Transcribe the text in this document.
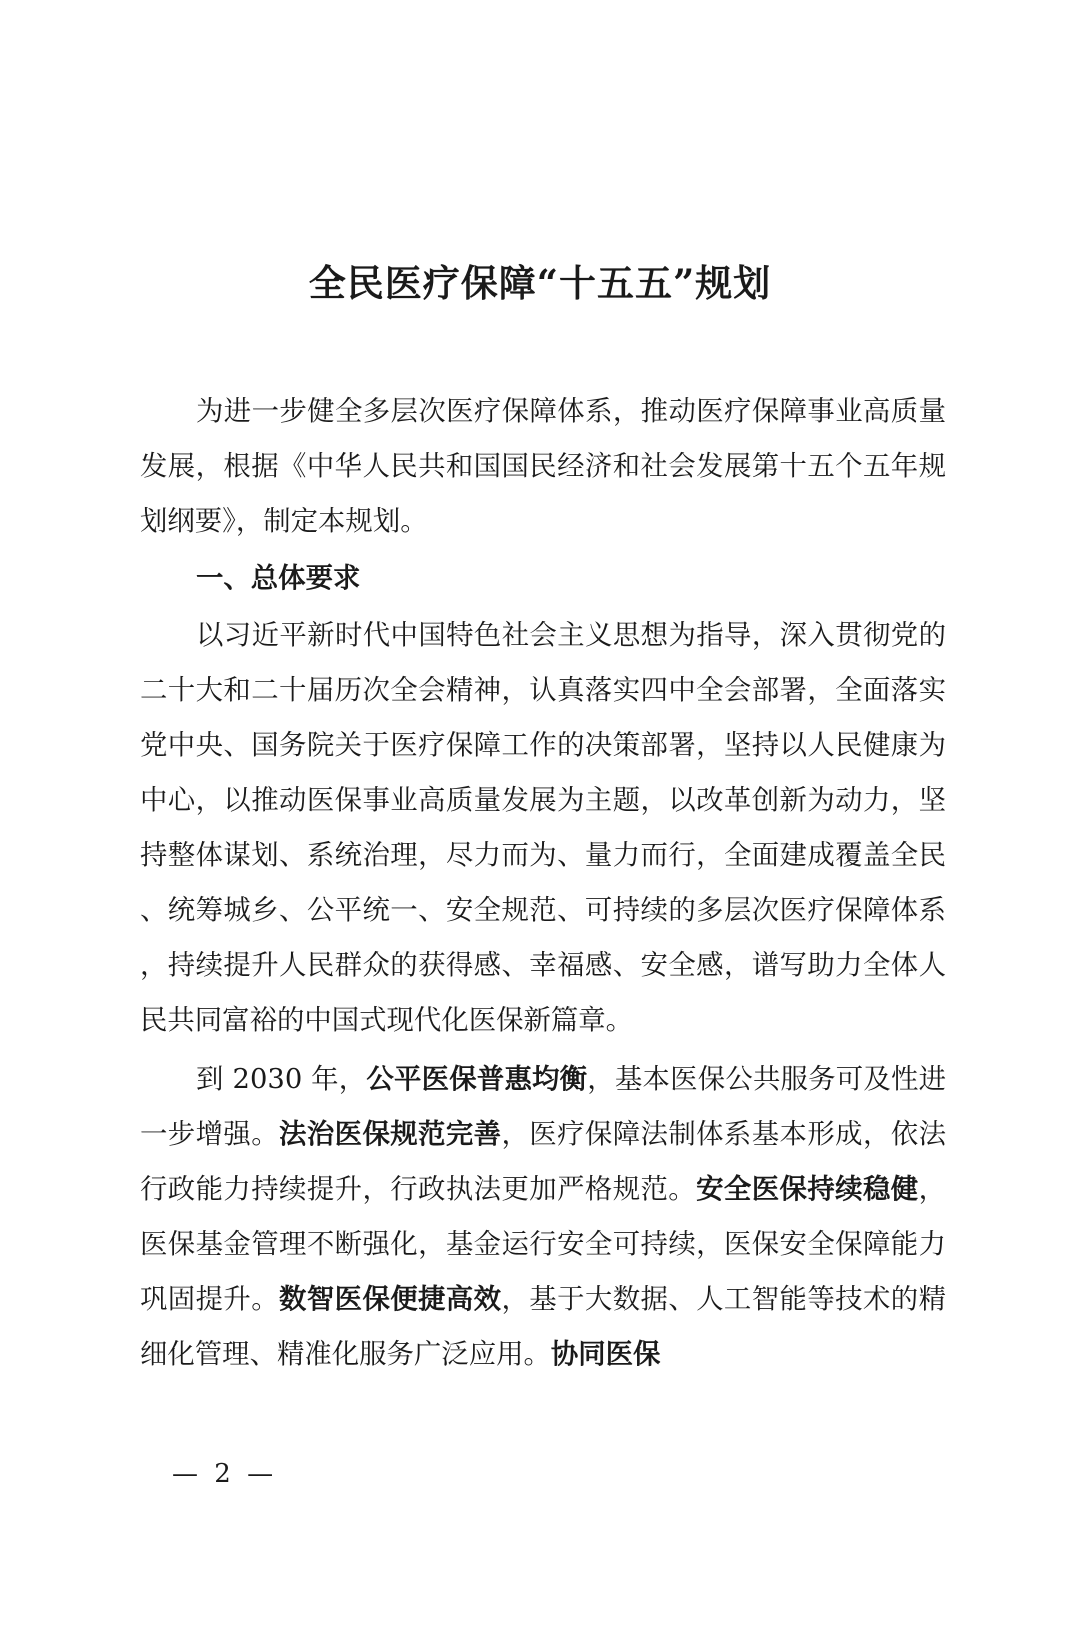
全民医疗保障“十五五”规划

为进一步健全多层次医疗保障体系，推动医疗保障事业高质量发展，根据《中华人民共和国国民经济和社会发展第十五个五年规划纲要》，制定本规划。

一、总体要求

以习近平新时代中国特色社会主义思想为指导，深入贯彻党的二十大和二十届历次全会精神，认真落实四中全会部署，全面落实党中央、国务院关于医疗保障工作的决策部署，坚持以人民健康为中心，以推动医保事业高质量发展为主题，以改革创新为动力，坚持整体谋划、系统治理，尽力而为、量力而行，全面建成覆盖全民、统筹城乡、公平统一、安全规范、可持续的多层次医疗保障体系，持续提升人民群众的获得感、幸福感、安全感，谱写助力全体人民共同富裕的中国式现代化医保新篇章。

到 2030 年，公平医保普惠均衡，基本医保公共服务可及性进一步增强。法治医保规范完善，医疗保障法制体系基本形成，依法行政能力持续提升，行政执法更加严格规范。安全医保持续稳健，医保基金管理不断强化，基金运行安全可持续，医保安全保障能力巩固提升。数智医保便捷高效，基于大数据、人工智能等技术的精细化管理、精准化服务广泛应用。协同医保

— 2 —
